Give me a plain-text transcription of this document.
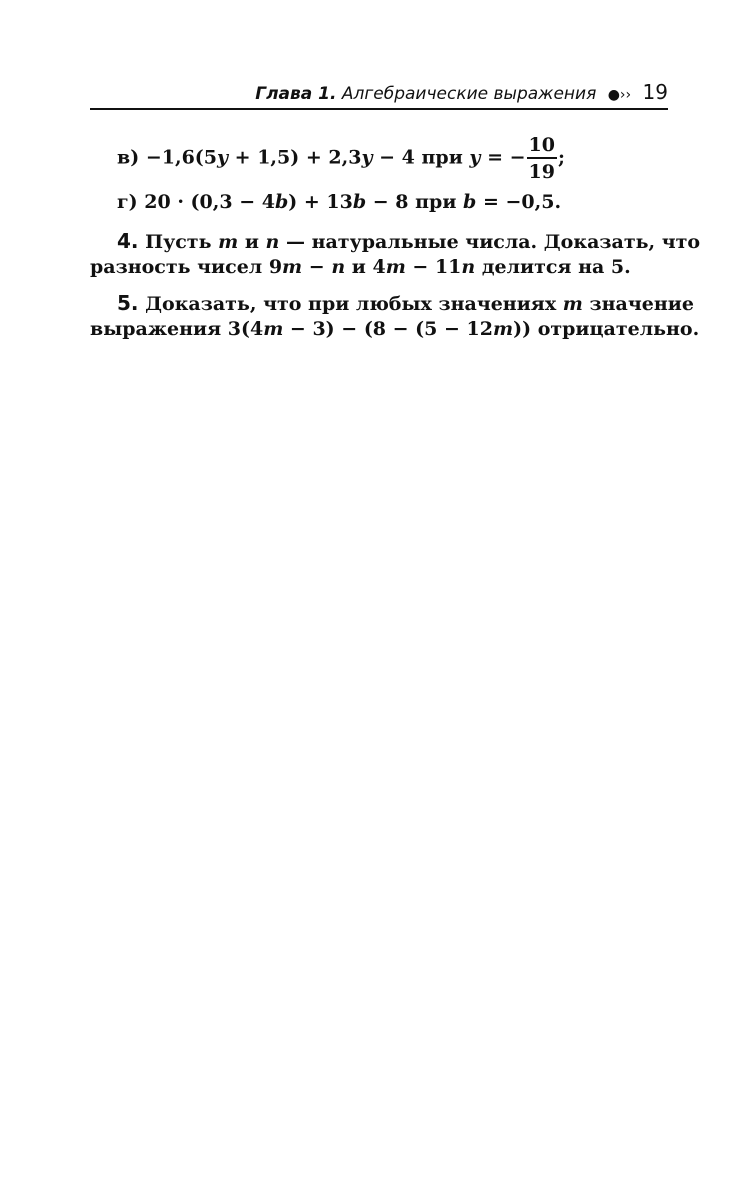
Глава 1. Алгебраические выражения ●›› 19
в) −1,6(5y + 1,5) + 2,3y − 4 при y = − $\frac{10}{19}$ ;
г) 20 · (0,3 − 4b) + 13b − 8 при b = −0,5.
4. Пусть m и n — натуральные числа. Доказать, что
разность чисел 9m − n и 4m − 11n делится на 5.
5. Доказать, что при любых значениях m значение
выражения 3(4m − 3) − (8 − (5 − 12m)) отрицательно.
